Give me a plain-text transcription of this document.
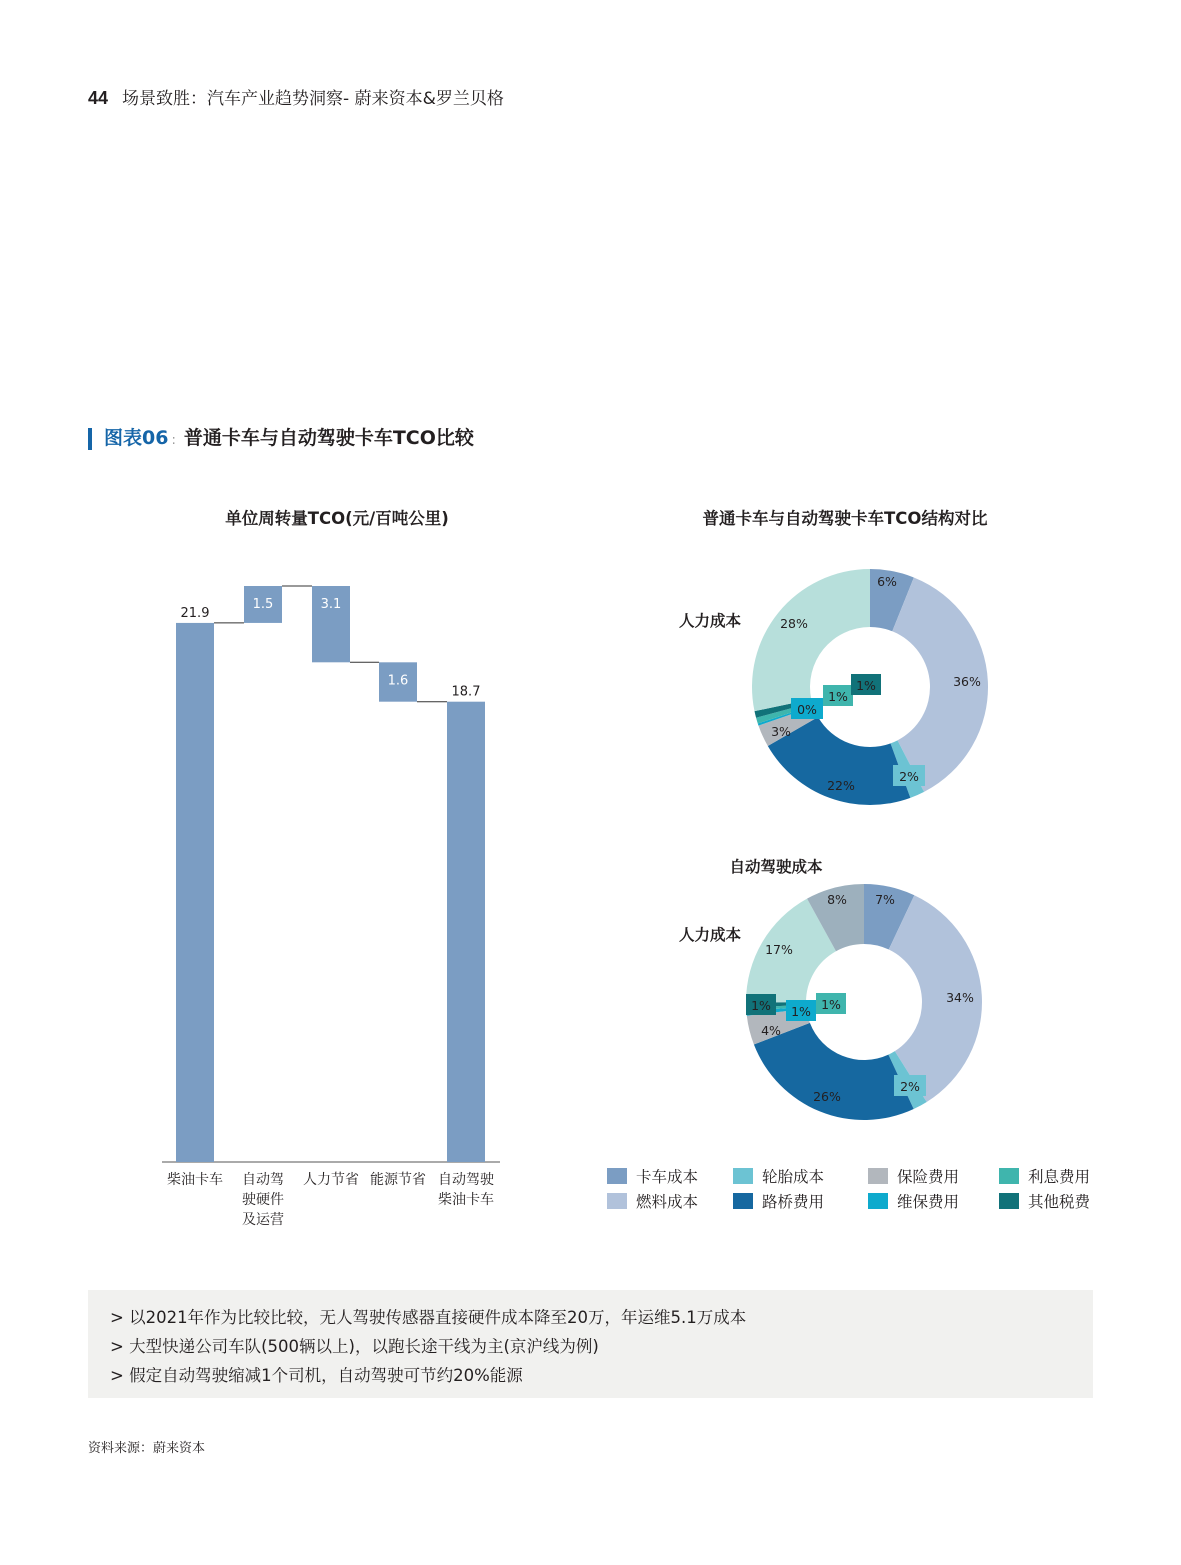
44 场景致胜：汽车产业趋势洞察- 蔚来资本&罗兰贝格
图表06 : 普通卡车与自动驾驶卡车TCO比较
单位周转量TCO(元/百吨公里)
21.9
柴油卡车
1.5
自动驾
驶硬件
及运营
3.1
人力节省
1.6
能源节省
18.7
自动驾驶
柴油卡车
普通卡车与自动驾驶卡车TCO结构对比
人力成本
6%
36%
2%
22%
3%
0%
1%
1%
28%
自动驾驶成本
人力成本
7%
34%
2%
26%
4%
1% 1%
1%
17%
8%
卡车成本	轮胎成本	保险费用	利息费用
燃料成本	路桥费用	维保费用	其他税费
> 以2021年作为比较比较，无人驾驶传感器直接硬件成本降至20万，年运维5.1万成本
> 大型快递公司车队(500辆以上)，以跑长途干线为主(京沪线为例)
> 假定自动驾驶缩减1个司机，自动驾驶可节约20%能源
资料来源：蔚来资本
